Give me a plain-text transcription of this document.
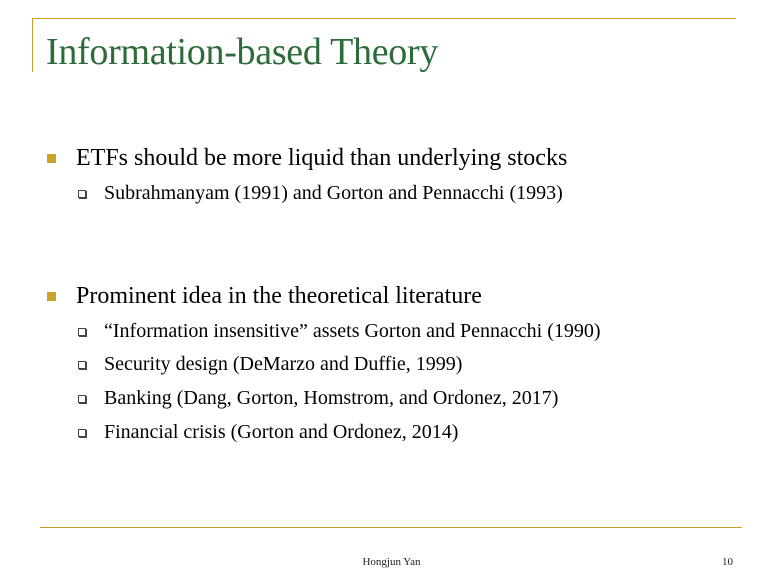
Information-based Theory
ETFs should be more liquid than underlying stocks
Subrahmanyam (1991) and Gorton and Pennacchi (1993)
Prominent idea in the theoretical literature
“Information insensitive” assets Gorton and Pennacchi (1990)
Security design (DeMarzo and Duffie, 1999)
Banking (Dang, Gorton, Homstrom, and Ordonez, 2017)
Financial crisis (Gorton and Ordonez, 2014)
Hongjun Yan	10
